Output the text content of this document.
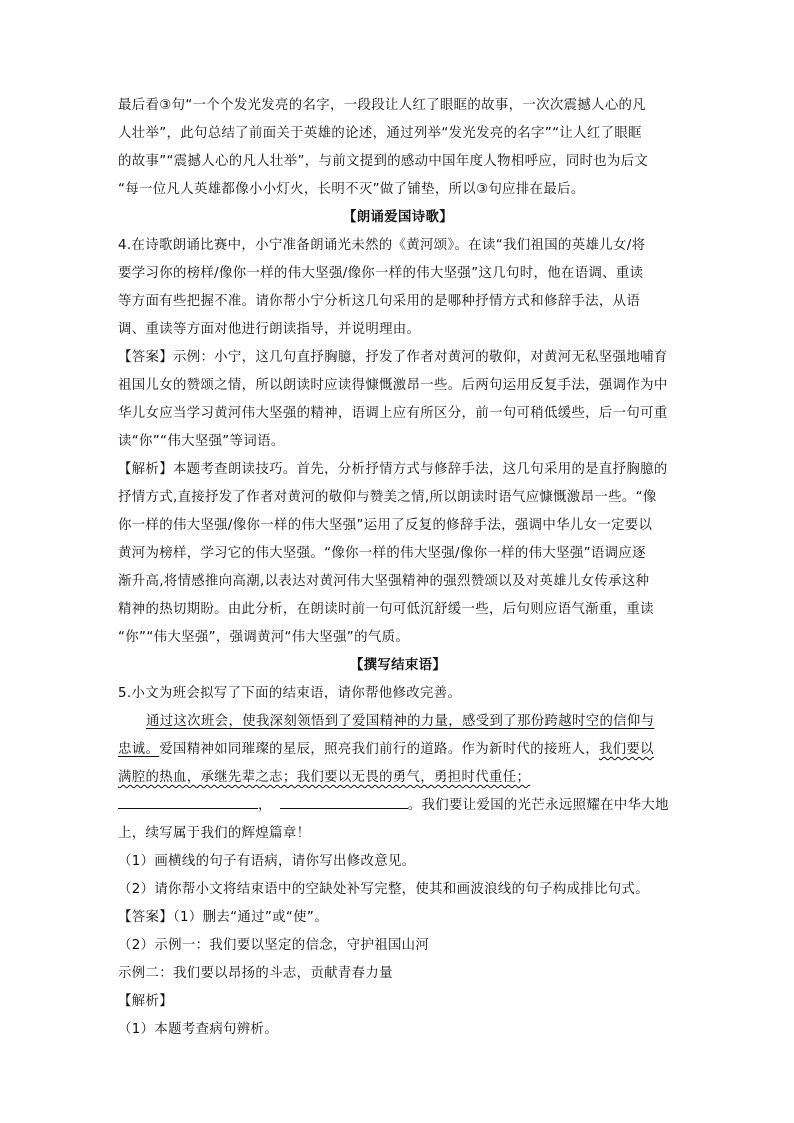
最后看③句“一个个发光发亮的名字，一段段让人红了眼眶的故事，一次次震撼人心的凡
人壮举”，此句总结了前面关于英雄的论述，通过列举“发光发亮的名字”“让人红了眼眶
的故事”“震撼人心的凡人壮举”，与前文提到的感动中国年度人物相呼应，同时也为后文
“每一位凡人英雄都像小小灯火，长明不灭”做了铺垫，所以③句应排在最后。
【朗诵爱国诗歌】
4.在诗歌朗诵比赛中，小宁准备朗诵光未然的《黄河颂》。在读“我们祖国的英雄儿女/将
要学习你的榜样/像你一样的伟大坚强/像你一样的伟大坚强”这几句时，他在语调、重读
等方面有些把握不准。请你帮小宁分析这几句采用的是哪种抒情方式和修辞手法，从语
调、重读等方面对他进行朗读指导，并说明理由。
【答案】示例：小宁，这几句直抒胸臆，抒发了作者对黄河的敬仰，对黄河无私坚强地哺育
祖国儿女的赞颂之情，所以朗读时应读得慷慨激昂一些。后两句运用反复手法，强调作为中
华儿女应当学习黄河伟大坚强的精神，语调上应有所区分，前一句可稍低缓些，后一句可重
读“你”“伟大坚强”等词语。
【解析】本题考查朗读技巧。首先，分析抒情方式与修辞手法，这几句采用的是直抒胸臆的
抒情方式,直接抒发了作者对黄河的敬仰与赞美之情,所以朗读时语气应慷慨激昂一些。“像
你一样的伟大坚强/像你一样的伟大坚强”运用了反复的修辞手法，强调中华儿女一定要以
黄河为榜样，学习它的伟大坚强。“像你一样的伟大坚强/像你一样的伟大坚强”语调应逐
渐升高,将情感推向高潮,以表达对黄河伟大坚强精神的强烈赞颂以及对英雄儿女传承这种
精神的热切期盼。由此分析，在朗读时前一句可低沉舒缓一些，后句则应语气渐重，重读
“你”“伟大坚强”，强调黄河“伟大坚强”的气质。
【撰写结束语】
5.小文为班会拟写了下面的结束语，请你帮他修改完善。
通过这次班会，使我深刻领悟到了爱国精神的力量，感受到了那份跨越时空的信仰与
忠诚。爱国精神如同璀璨的星辰，照亮我们前行的道路。作为新时代的接班人，我们要以
满腔的热血，承继先辈之志；我们要以无畏的勇气，勇担时代重任；
，	。我们要让爱国的光芒永远照耀在中华大地
上，续写属于我们的辉煌篇章！
（1）画横线的句子有语病，请你写出修改意见。
（2）请你帮小文将结束语中的空缺处补写完整，使其和画波浪线的句子构成排比句式。
【答案】（1）删去“通过”或“使”。
（2）示例一：我们要以坚定的信念，守护祖国山河
示例二：我们要以昂扬的斗志，贡献青春力量
【解析】
（1）本题考查病句辨析。
